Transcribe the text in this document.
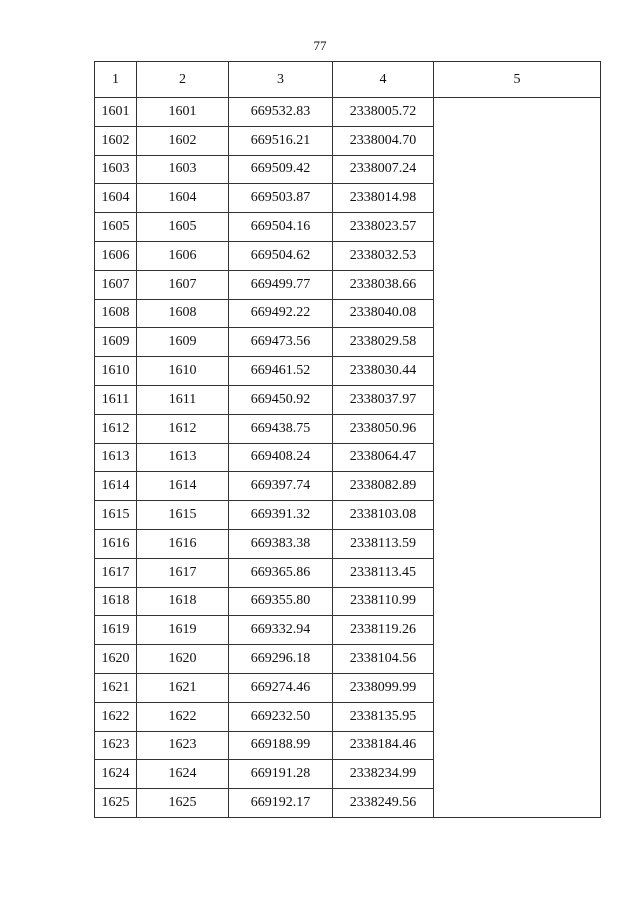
77
1	2	3	4	5
1601	1601	669532.83	2338005.72	
1602	1602	669516.21	2338004.70	
1603	1603	669509.42	2338007.24	
1604	1604	669503.87	2338014.98	
1605	1605	669504.16	2338023.57	
1606	1606	669504.62	2338032.53	
1607	1607	669499.77	2338038.66	
1608	1608	669492.22	2338040.08	
1609	1609	669473.56	2338029.58	
1610	1610	669461.52	2338030.44	
1611	1611	669450.92	2338037.97	
1612	1612	669438.75	2338050.96	
1613	1613	669408.24	2338064.47	
1614	1614	669397.74	2338082.89	
1615	1615	669391.32	2338103.08	
1616	1616	669383.38	2338113.59	
1617	1617	669365.86	2338113.45	
1618	1618	669355.80	2338110.99	
1619	1619	669332.94	2338119.26	
1620	1620	669296.18	2338104.56	
1621	1621	669274.46	2338099.99	
1622	1622	669232.50	2338135.95	
1623	1623	669188.99	2338184.46	
1624	1624	669191.28	2338234.99	
1625	1625	669192.17	2338249.56	
